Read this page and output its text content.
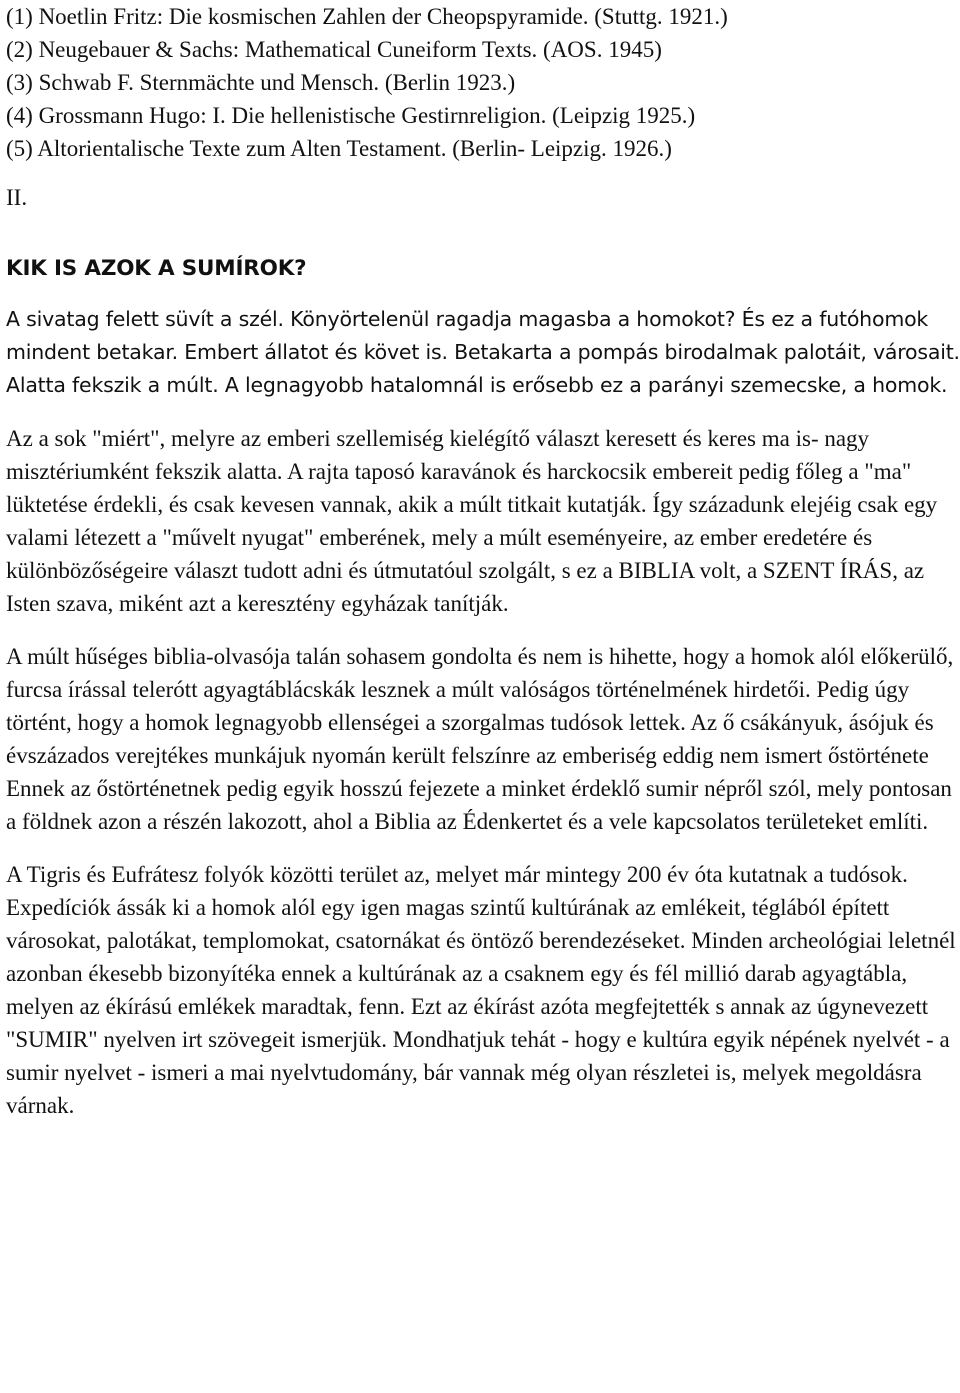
(1) Noetlin Fritz: Die kosmischen Zahlen der Cheopspyramide. (Stuttg. 1921.)
(2) Neugebauer & Sachs: Mathematical Cuneiform Texts. (AOS. 1945)
(3) Schwab F. Sternmächte und Mensch. (Berlin 1923.)
(4) Grossmann Hugo: I. Die hellenistische Gestirnreligion. (Leipzig 1925.)
(5) Altorientalische Texte zum Alten Testament. (Berlin- Leipzig. 1926.)
II.
KIK IS AZOK A SUMÍROK?

A sivatag felett süvít a szél. Könyörtelenül ragadja magasba a homokot? És ez a futóhomok mindent betakar. Embert állatot és követ is. Betakarta a pompás birodalmak palotáit, városait. Alatta fekszik a múlt. A legnagyobb hatalomnál is erősebb ez a parányi szemecske, a homok.

Az a sok "miért", melyre az emberi szellemiség kielégítő választ keresett és keres ma is- nagy misztériumként fekszik alatta. A rajta taposó karavánok és harckocsik embereit pedig főleg a "ma" lüktetése érdekli, és csak kevesen vannak, akik a múlt titkait kutatják. Így századunk elejéig csak egy valami létezett a "művelt nyugat" emberének, mely a múlt eseményeire, az ember eredetére és különbözőségeire választ tudott adni és útmutatóul szolgált, s ez a BIBLIA volt, a SZENT ÍRÁS, az Isten szava, miként azt a keresztény egyházak tanítják.

A múlt hűséges biblia-olvasója talán sohasem gondolta és nem is hihette, hogy a homok alól előkerülő, furcsa írással telerótt agyagtáblácskák lesznek a múlt valóságos történelmének hirdetői. Pedig úgy történt, hogy a homok legnagyobb ellenségei a szorgalmas tudósok lettek. Az ő csákányuk, ásójuk és évszázados verejtékes munkájuk nyomán került felszínre az emberiség eddig nem ismert őstörténete Ennek az őstörténetnek pedig egyik hosszú fejezete a minket érdeklő sumir népről szól, mely pontosan a földnek azon a részén lakozott, ahol a Biblia az Édenkertet és a vele kapcsolatos területeket említi.

A Tigris és Eufrátesz folyók közötti terület az, melyet már mintegy 200 év óta kutatnak a tudósok. Expedíciók ássák ki a homok alól egy igen magas szintű kultúrának az emlékeit, téglából épített városokat, palotákat, templomokat, csatornákat és öntöző berendezéseket. Minden archeológiai leletnél azonban ékesebb bizonyítéka ennek a kultúrának az a csaknem egy és fél millió darab agyagtábla, melyen az ékírású emlékek maradtak, fenn. Ezt az ékírást azóta megfejtették s annak az úgynevezett "SUMIR" nyelven irt szövegeit ismerjük. Mondhatjuk tehát - hogy e kultúra egyik népének nyelvét - a sumir nyelvet - ismeri a mai nyelvtudomány, bár vannak még olyan részletei is, melyek megoldásra várnak.
